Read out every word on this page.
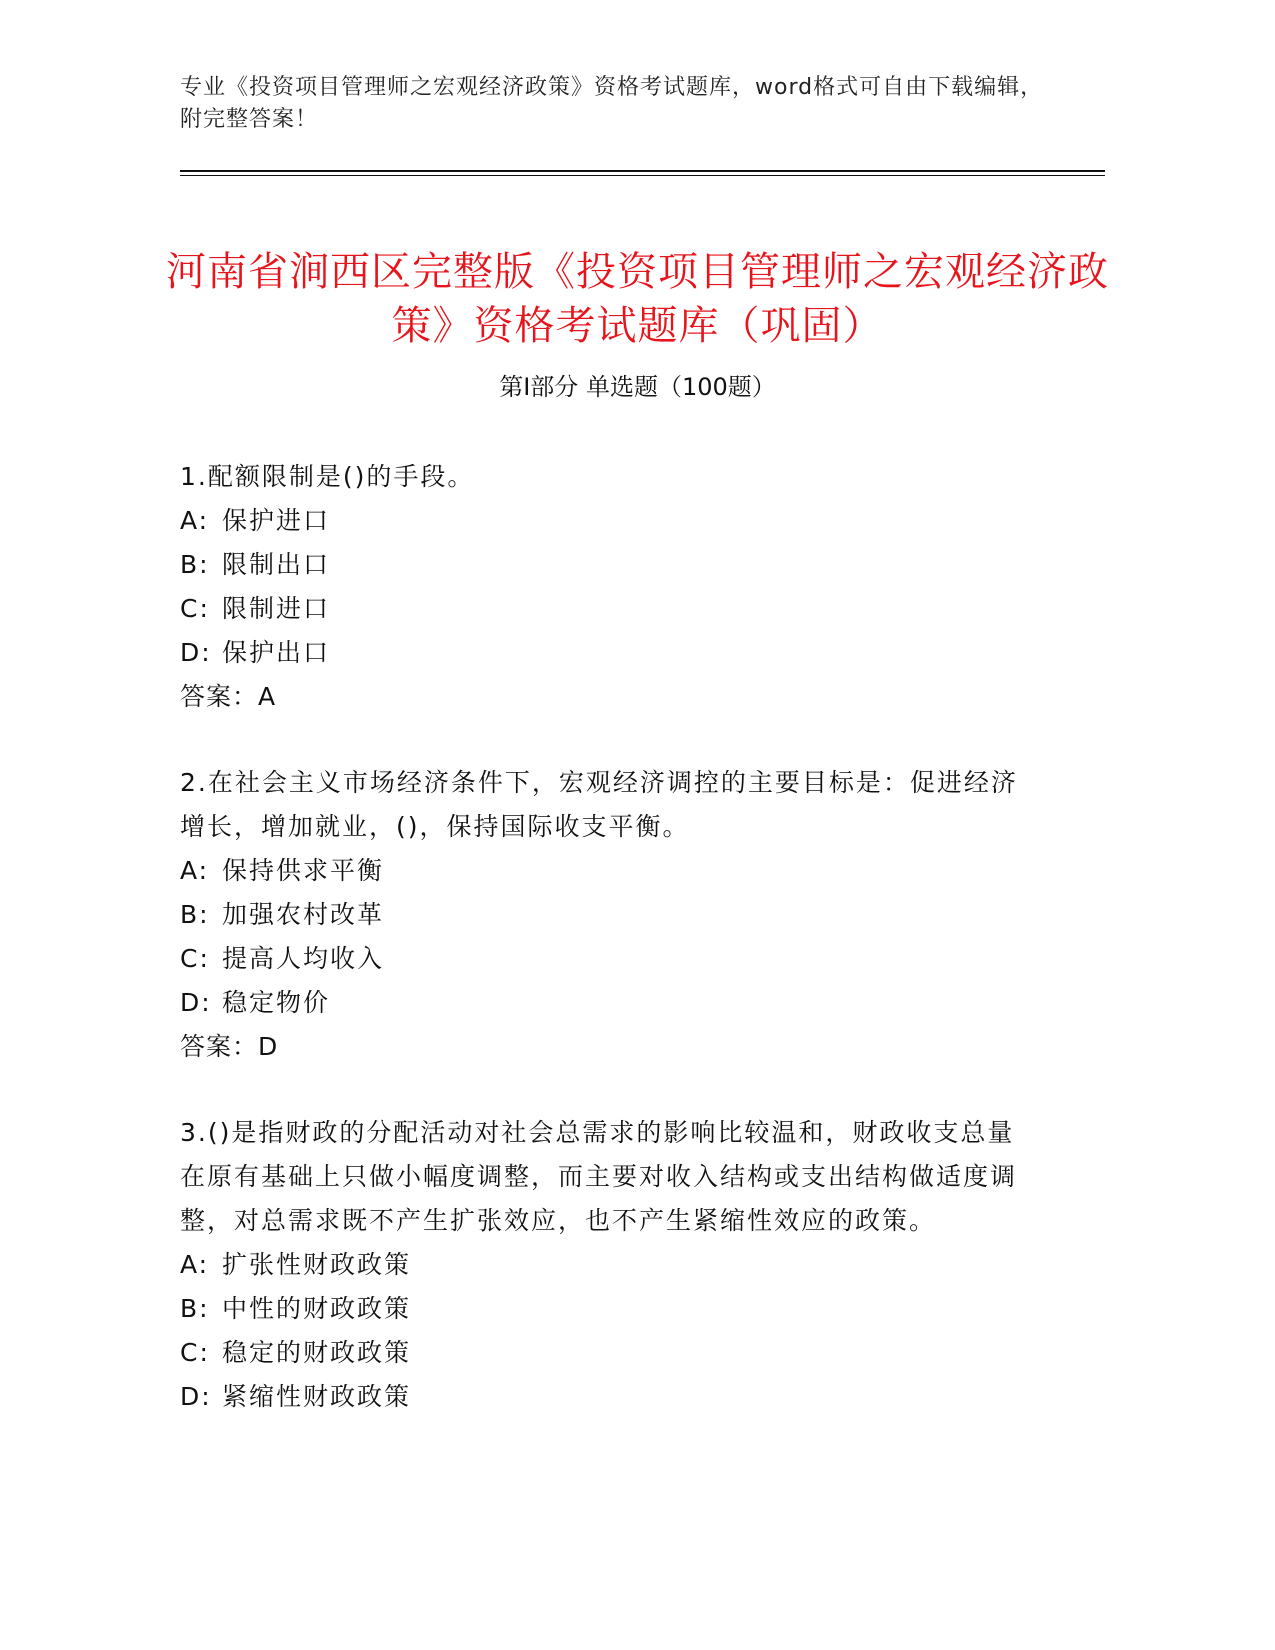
专业《投资项目管理师之宏观经济政策》资格考试题库，word格式可自由下载编辑，附完整答案！
河南省涧西区完整版《投资项目管理师之宏观经济政策》资格考试题库（巩固）
第Ⅰ部分 单选题（100题）

1.配额限制是()的手段。

A: 保护进口

B: 限制出口

C: 限制进口

D: 保护出口

答案：A

2.在社会主义市场经济条件下，宏观经济调控的主要目标是：促进经济增长，增加就业，()，保持国际收支平衡。

A: 保持供求平衡

B: 加强农村改革

C: 提高人均收入

D: 稳定物价

答案：D

3.()是指财政的分配活动对社会总需求的影响比较温和，财政收支总量在原有基础上只做小幅度调整，而主要对收入结构或支出结构做适度调整，对总需求既不产生扩张效应，也不产生紧缩性效应的政策。

A: 扩张性财政政策

B: 中性的财政政策

C: 稳定的财政政策

D: 紧缩性财政政策
